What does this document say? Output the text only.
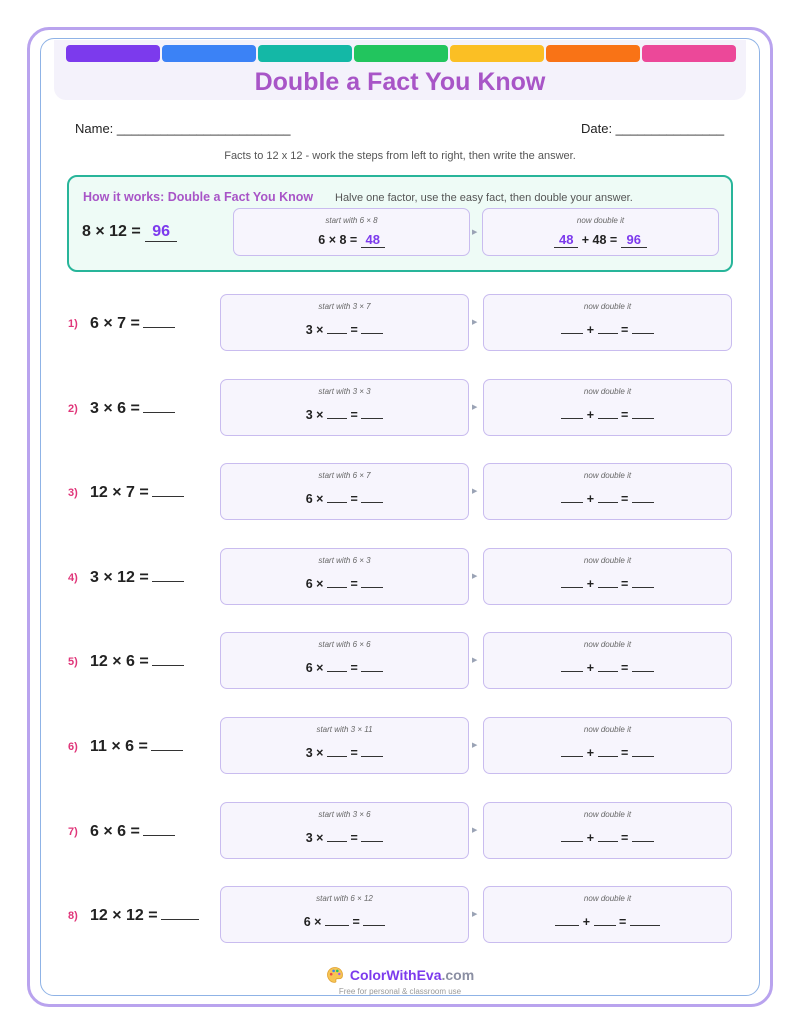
Double a Fact You Know
Name: ________________________	Date: _______________
Facts to 12 x 12 - work the steps from left to right, then write the answer.
How it works: Double a Fact You Know Halve one factor, use the easy fact, then double your answer.
8 × 12 = 96
start with 6 × 8
6 × 8 = 48	▶
now double it
48 + 48 = 96
1) 6 × 7 =
start with 3 × 7
3 × =
▶
now double it
+ =
2) 3 × 6 =
start with 3 × 3
3 × =
▶
now double it
+ =
3) 12 × 7 =
start with 6 × 7
6 × =
▶
now double it
+ =
4) 3 × 12 =
start with 6 × 3
6 × =
▶
now double it
+ =
5) 12 × 6 =
start with 6 × 6
6 × =
▶
now double it
+ =
6) 11 × 6 =
start with 3 × 11
3 × =
▶
now double it
+ =
7) 6 × 6 =
start with 3 × 6
3 × =
▶
now double it
+ =
8) 12 × 12 =
start with 6 × 12
6 × =
▶
now double it
+ =
ColorWithEva.com
Free for personal & classroom use
